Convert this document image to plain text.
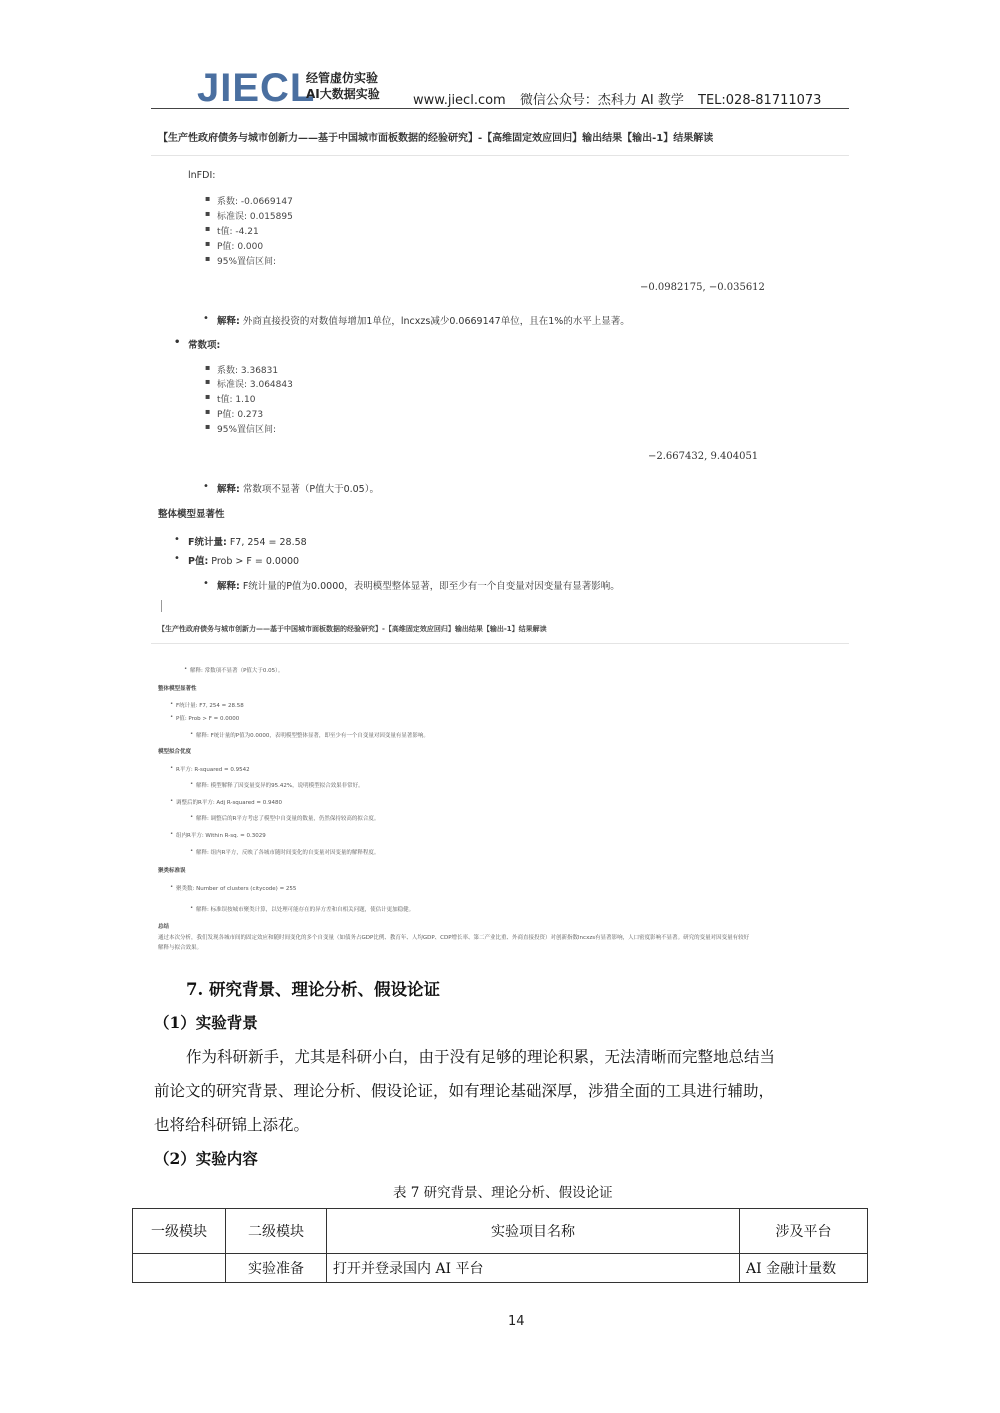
JIECL
经管虚仿实验
AI大数据实验	www.jiecl.com 微信公众号：杰科力 AI 教学 TEL:028-81711073
【生产性政府债务与城市创新力——基于中国城市面板数据的经验研究】-【高维固定效应回归】输出结果【输出-1】结果解读
• lnFDI:
▪ 系数: -0.0669147
▪ 标准误: 0.015895
▪ t值: -4.21
▪ P值: 0.000
▪ 95%置信区间:
−0.0982175, −0.035612
• 解释: 外商直接投资的对数值每增加1单位，lncxzs减少0.0669147单位，且在1%的水平上显著。
• 常数项:
▪ 系数: 3.36831
▪ 标准误: 3.064843
▪ t值: 1.10
▪ P值: 0.273
▪ 95%置信区间:
−2.667432, 9.404051
• 解释: 常数项不显著（P值大于0.05）。
整体模型显著性
• F统计量: F7, 254 = 28.58
• P值: Prob > F = 0.0000
• 解释: F统计量的P值为0.0000，表明模型整体显著，即至少有一个自变量对因变量有显著影响。
【生产性政府债务与城市创新力——基于中国城市面板数据的经验研究】-【高维固定效应回归】输出结果【输出-1】结果解读
• 解释: 常数项不显著（P值大于0.05）。
整体模型显著性
• F统计量: F7, 254 = 28.58
• P值: Prob > F = 0.0000
• 解释: F统计量的P值为0.0000，表明模型整体显著，即至少有一个自变量对因变量有显著影响。
模型拟合优度
• R平方: R-squared = 0.9542
• 解释: 模型解释了因变量变异的95.42%，说明模型拟合效果非常好。
• 调整后的R平方: Adj R-squared = 0.9480
• 解释: 调整后的R平方考虑了模型中自变量的数量，仍然保持较高的拟合度。
• 组内R平方: Within R-sq. = 0.3029
• 解释: 组内R平方，反映了各城市随时间变化的自变量对因变量的解释程度。
聚类标准误
• 聚类数: Number of clusters (citycode) = 255
• 解释: 标准误按城市聚类计算，以处理可能存在的异方差和自相关问题，使估计更加稳健。
总结
通过本次分析，我们发现各城市间的固定效应和随时间变化的多个自变量（如债务占GDP比例、教育年、人均GDP、CDP增长率、第二产业比重、外商直接投资）对创新指数lncxzs有显著影响，人口密度影响不显著。研究的变量对因变量有较好
解释与拟合效果。
7. 研究背景、理论分析、假设论证
（1）实验背景
作为科研新手，尤其是科研小白，由于没有足够的理论积累，无法清晰而完整地总结当
前论文的研究背景、理论分析、假设论证，如有理论基础深厚，涉猎全面的工具进行辅助，
也将给科研锦上添花。
（2）实验内容
表 7 研究背景、理论分析、假设论证
一级模块	二级模块	实验项目名称	涉及平台
	实验准备	打开并登录国内 AI 平台	AI 金融计量数
14
